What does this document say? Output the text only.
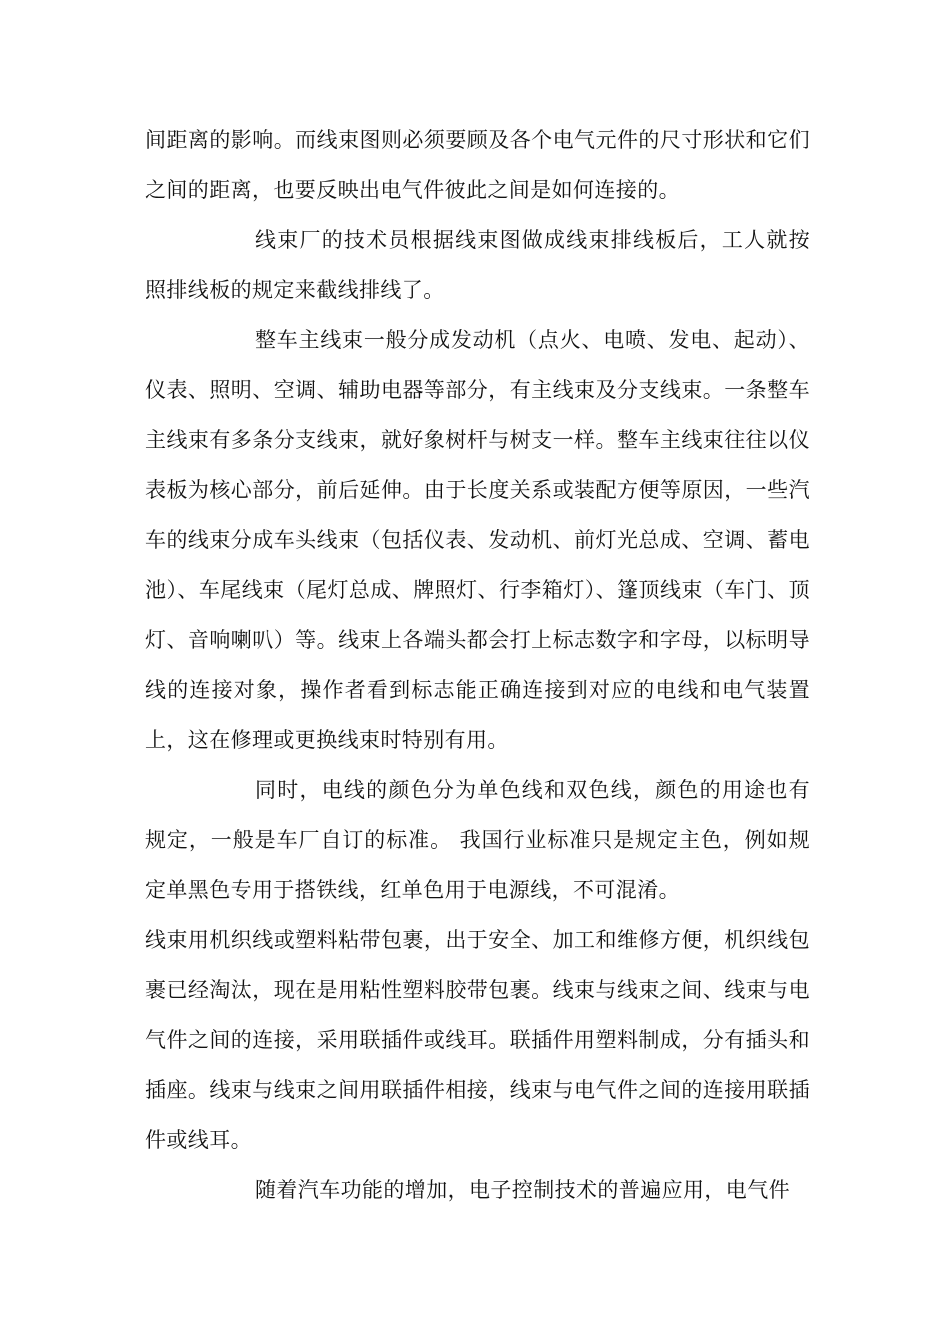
间距离的影响。而线束图则必须要顾及各个电气元件的尺寸形状和它们之间的距离，也要反映出电气件彼此之间是如何连接的。

线束厂的技术员根据线束图做成线束排线板后，工人就按照排线板的规定来截线排线了。

整车主线束一般分成发动机（点火、电喷、发电、起动）、仪表、照明、空调、辅助电器等部分，有主线束及分支线束。一条整车主线束有多条分支线束，就好象树杆与树支一样。整车主线束往往以仪表板为核心部分，前后延伸。由于长度关系或装配方便等原因，一些汽车的线束分成车头线束（包括仪表、发动机、前灯光总成、空调、蓄电池）、车尾线束（尾灯总成、牌照灯、行李箱灯）、篷顶线束（车门、顶灯、音响喇叭）等。线束上各端头都会打上标志数字和字母，以标明导线的连接对象，操作者看到标志能正确连接到对应的电线和电气装置上，这在修理或更换线束时特别有用。

同时，电线的颜色分为单色线和双色线，颜色的用途也有规定，一般是车厂自订的标准。 我国行业标准只是规定主色，例如规定单黑色专用于搭铁线，红单色用于电源线，不可混淆。

线束用机织线或塑料粘带包裹，出于安全、加工和维修方便，机织线包裹已经淘汰，现在是用粘性塑料胶带包裹。线束与线束之间、线束与电气件之间的连接，采用联插件或线耳。联插件用塑料制成，分有插头和插座。线束与线束之间用联插件相接，线束与电气件之间的连接用联插件或线耳。

随着汽车功能的增加，电子控制技术的普遍应用，电气件
